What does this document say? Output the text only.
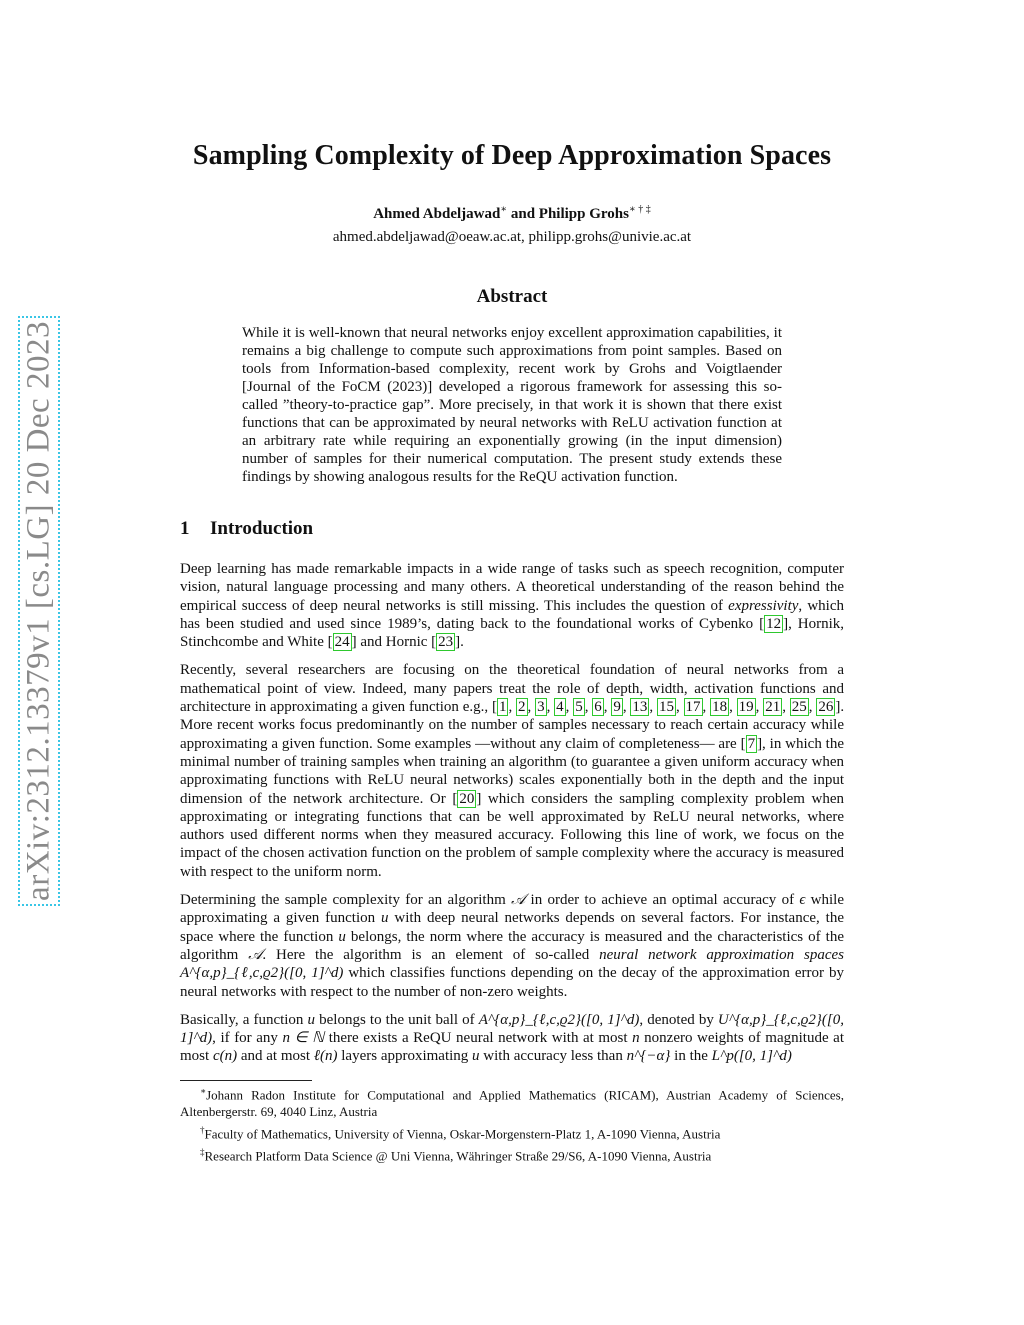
arXiv:2312.13379v1 [cs.LG] 20 Dec 2023
Sampling Complexity of Deep Approximation Spaces
Ahmed Abdeljawad∗ and Philipp Grohs∗ † ‡
ahmed.abdeljawad@oeaw.ac.at, philipp.grohs@univie.ac.at
Abstract
While it is well-known that neural networks enjoy excellent approximation capabilities, it remains a big challenge to compute such approximations from point samples. Based on tools from Information-based complexity, recent work by Grohs and Voigtlaender [Journal of the FoCM (2023)] developed a rigorous framework for assessing this so-called ”theory-to-practice gap”. More precisely, in that work it is shown that there exist functions that can be approximated by neural networks with ReLU activation function at an arbitrary rate while requiring an exponentially growing (in the input dimension) number of samples for their numerical computation. The present study extends these findings by showing analogous results for the ReQU activation function.
1 Introduction
Deep learning has made remarkable impacts in a wide range of tasks such as speech recognition, computer vision, natural language processing and many others. A theoretical understanding of the reason behind the empirical success of deep neural networks is still missing. This includes the question of expressivity, which has been studied and used since 1989’s, dating back to the foundational works of Cybenko [ 12 ], Hornik, Stinchcombe and White [ 24 ] and Hornic [ 23 ].
Recently, several researchers are focusing on the theoretical foundation of neural networks from a mathematical point of view. Indeed, many papers treat the role of depth, width, activation functions and architecture in approximating a given function e.g., [ 1 , 2 , 3 , 4 , 5 , 6 , 9 , 13 , 15 , 17 , 18 , 19 , 21 , 25 , 26 ]. More recent works focus predominantly on the number of samples necessary to reach certain accuracy while approximating a given function. Some examples —without any claim of completeness— are [ 7 ], in which the minimal number of training samples when training an algorithm (to guarantee a given uniform accuracy when approximating functions with ReLU neural networks) scales exponentially both in the depth and the input dimension of the network architecture. Or [ 20 ] which considers the sampling complexity problem when approximating or integrating functions that can be well approximated by ReLU neural networks, where authors used different norms when they measured accuracy. Following this line of work, we focus on the impact of the chosen activation function on the problem of sample complexity where the accuracy is measured with respect to the uniform norm.
Determining the sample complexity for an algorithm 𝒜 in order to achieve an optimal accuracy of ϵ while approximating a given function u with deep neural networks depends on several factors. For instance, the space where the function u belongs, the norm where the accuracy is measured and the characteristics of the algorithm 𝒜. Here the algorithm is an element of so-called neural network approximation spaces A^{α,p}_{ℓ,c,ϱ2}([0, 1]^d) which classifies functions depending on the decay of the approximation error by neural networks with respect to the number of non-zero weights.
Basically, a function u belongs to the unit ball of A^{α,p}_{ℓ,c,ϱ2}([0, 1]^d), denoted by U^{α,p}_{ℓ,c,ϱ2}([0, 1]^d), if for any n ∈ ℕ there exists a ReQU neural network with at most n nonzero weights of magnitude at most c(n) and at most ℓ(n) layers approximating u with accuracy less than n^{−α} in the L^p([0, 1]^d)
∗Johann Radon Institute for Computational and Applied Mathematics (RICAM), Austrian Academy of Sciences, Altenbergerstr. 69, 4040 Linz, Austria
†Faculty of Mathematics, University of Vienna, Oskar-Morgenstern-Platz 1, A-1090 Vienna, Austria
‡Research Platform Data Science @ Uni Vienna, Währinger Straße 29/S6, A-1090 Vienna, Austria
